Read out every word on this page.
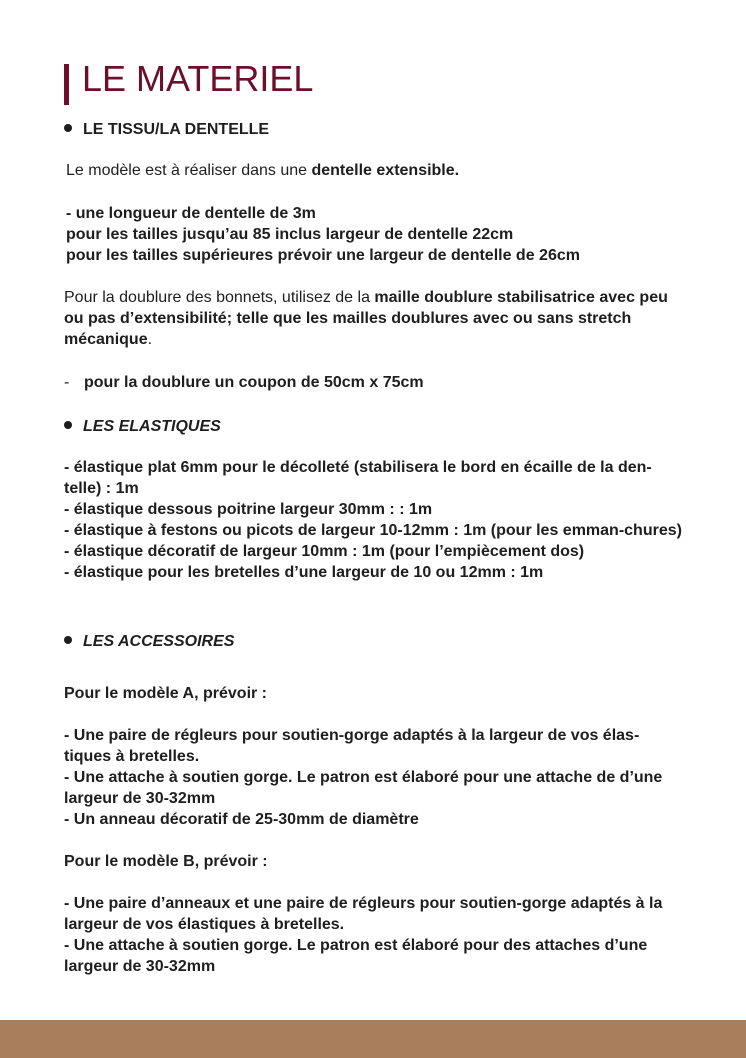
LE MATERIEL
LE TISSU/LA DENTELLE

Le modèle est à réaliser dans une dentelle extensible.

- une longueur de dentelle de 3m
pour les tailles jusqu’au 85 inclus largeur de dentelle 22cm
pour les tailles supérieures prévoir une largeur de dentelle de 26cm

Pour la doublure des bonnets, utilisez de la maille doublure stabilisatrice avec peu ou pas d’extensibilité; telle que les mailles doublures avec ou sans stretch mécanique.

- pour la doublure un coupon de 50cm x 75cm

LES ELASTIQUES
- élastique plat 6mm pour le décolleté (stabilisera le bord en écaille de la den-telle) : 1m
- élastique dessous poitrine largeur 30mm : : 1m
- élastique à festons ou picots de largeur 10-12mm : 1m (pour les emman-chures)
- élastique décoratif de largeur 10mm : 1m (pour l’empiècement dos)
- élastique pour les bretelles d’une largeur de 10 ou 12mm : 1m
LES ACCESSOIRES

Pour le modèle A, prévoir :

- Une paire de régleurs pour soutien-gorge adaptés à la largeur de vos élas-tiques à bretelles.
- Une attache à soutien gorge. Le patron est élaboré pour une attache de d’une largeur de 30-32mm
- Un anneau décoratif de 25-30mm de diamètre

Pour le modèle B, prévoir :

- Une paire d’anneaux et une paire de régleurs pour soutien-gorge adaptés à la largeur de vos élastiques à bretelles.
- Une attache à soutien gorge. Le patron est élaboré pour des attaches d’une largeur de 30-32mm
